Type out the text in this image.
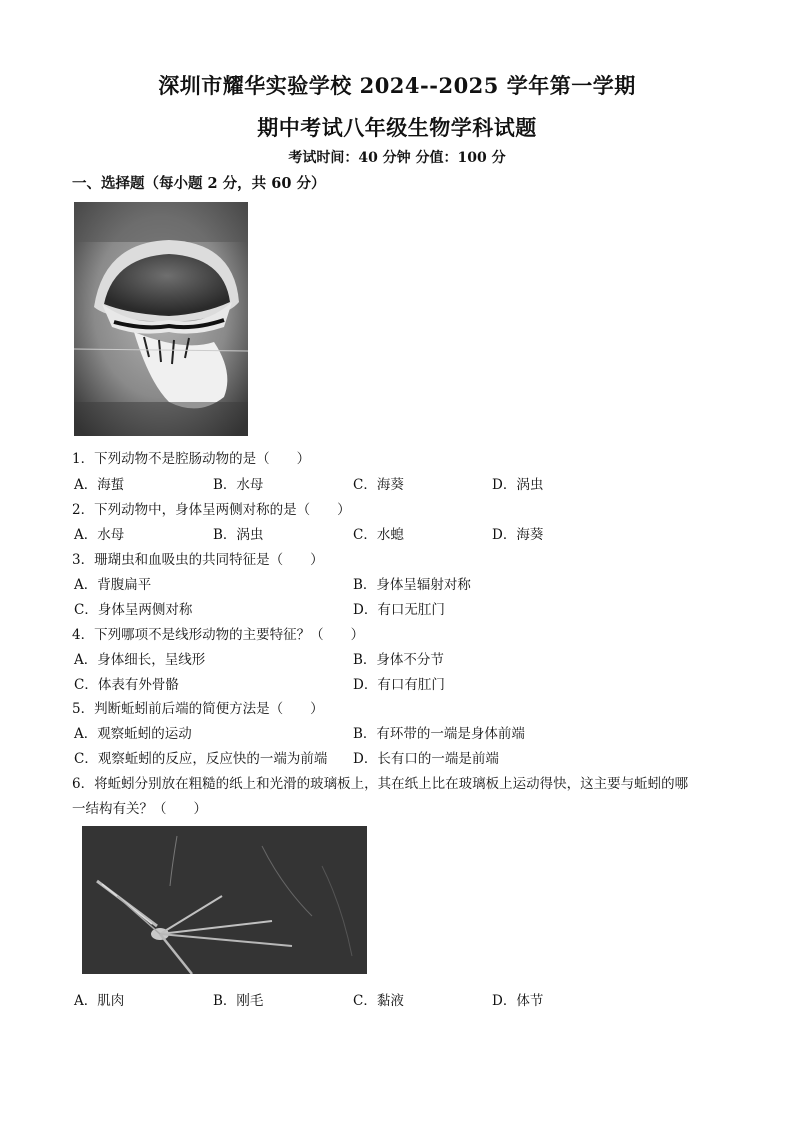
深圳市耀华实验学校 2024--2025 学年第一学期
期中考试八年级生物学科试题
考试时间：40 分钟 分值：100 分
一、选择题（每小题 2 分，共 60 分）
1．下列动物不是腔肠动物的是（　　）
A．海蜇	B．水母	C．海葵	D．涡虫
2．下列动物中，身体呈两侧对称的是（　　）
A．水母	B．涡虫	C．水螅	D．海葵
3．珊瑚虫和血吸虫的共同特征是（　　）
A．背腹扁平	B．身体呈辐射对称
C．身体呈两侧对称	D．有口无肛门
4．下列哪项不是线形动物的主要特征？（　　）
A．身体细长，呈线形	B．身体不分节
C．体表有外骨骼	D．有口有肛门
5．判断蚯蚓前后端的简便方法是（　　）
A．观察蚯蚓的运动	B．有环带的一端是身体前端
C．观察蚯蚓的反应，反应快的一端为前端 D．长有口的一端是前端
6．将蚯蚓分别放在粗糙的纸上和光滑的玻璃板上，其在纸上比在玻璃板上运动得快，这主要与蚯蚓的哪
一结构有关？（　　）
A．肌肉	B．刚毛	C．黏液	D．体节
